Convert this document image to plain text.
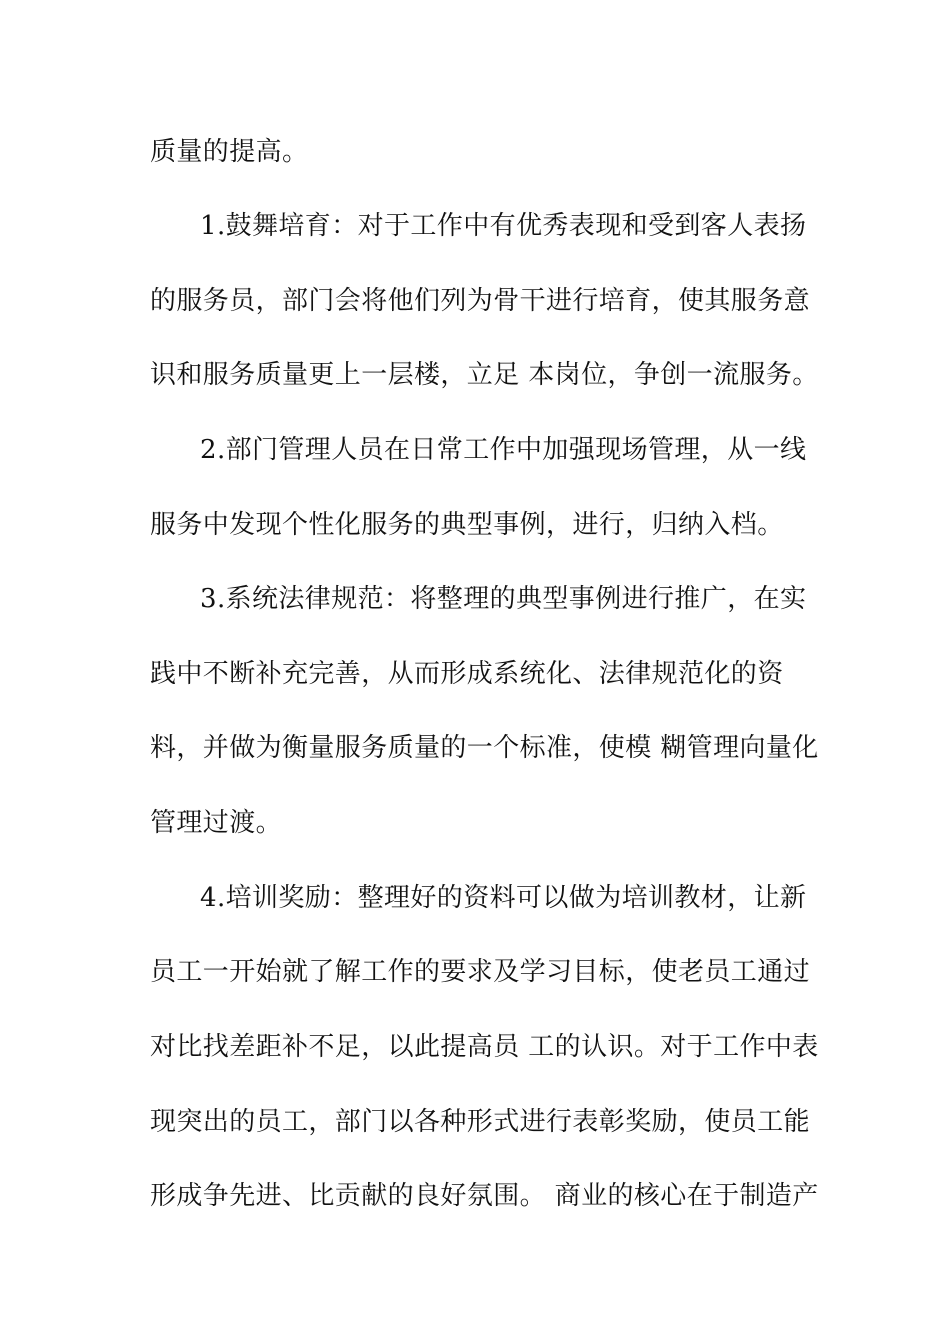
质量的提高。
1.鼓舞培育：对于工作中有优秀表现和受到客人表扬
的服务员，部门会将他们列为骨干进行培育，使其服务意
识和服务质量更上一层楼，立足 本岗位，争创一流服务。
2.部门管理人员在日常工作中加强现场管理，从一线
服务中发现个性化服务的典型事例，进行，归纳入档。
3.系统法律规范：将整理的典型事例进行推广，在实
践中不断补充完善，从而形成系统化、法律规范化的资
料，并做为衡量服务质量的一个标准，使模 糊管理向量化
管理过渡。
4.培训奖励：整理好的资料可以做为培训教材，让新
员工一开始就了解工作的要求及学习目标，使老员工通过
对比找差距补不足，以此提高员 工的认识。对于工作中表
现突出的员工，部门以各种形式进行表彰奖励，使员工能
形成争先进、比贡献的良好氛围。 商业的核心在于制造产
